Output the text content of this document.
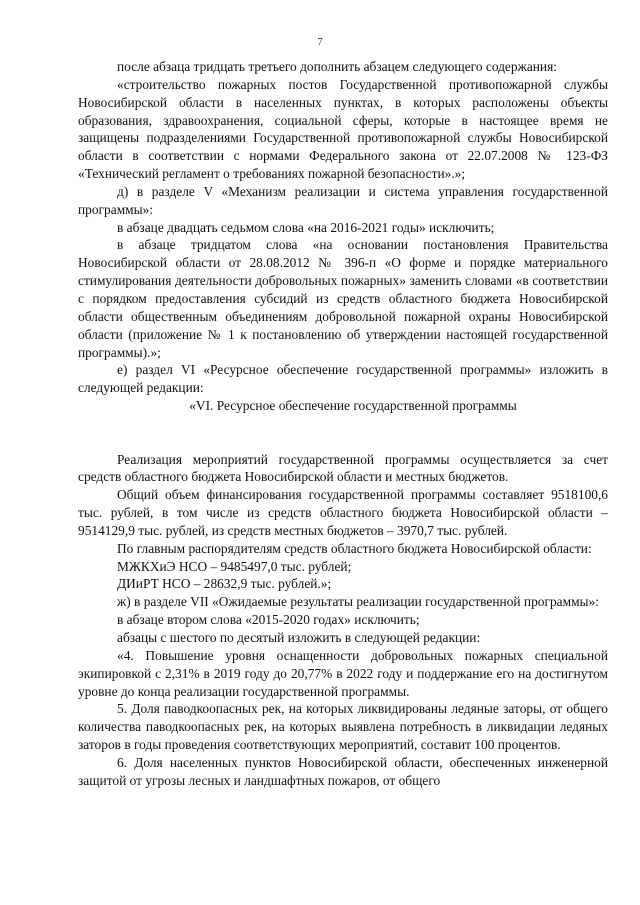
7

после абзаца тридцать третьего дополнить абзацем следующего содержания:

«строительство пожарных постов Государственной противопожарной службы Новосибирской области в населенных пунктах, в которых расположены объекты образования, здравоохранения, социальной сферы, которые в настоящее время не защищены подразделениями Государственной противопожарной службы Новосибирской области в соответствии с нормами Федерального закона от 22.07.2008 № 123-ФЗ «Технический регламент о требованиях пожарной безопасности».»;

д) в разделе V «Механизм реализации и система управления государственной программы»:

в абзаце двадцать седьмом слова «на 2016-2021 годы» исключить;

в абзаце тридцатом слова «на основании постановления Правительства Новосибирской области от 28.08.2012 № 396-п «О форме и порядке материального стимулирования деятельности добровольных пожарных» заменить словами «в соответствии с порядком предоставления субсидий из средств областного бюджета Новосибирской области общественным объединениям добровольной пожарной охраны Новосибирской области (приложение № 1 к постановлению об утверждении настоящей государственной программы).»;

е) раздел VI «Ресурсное обеспечение государственной программы» изложить в следующей редакции:

«VI. Ресурсное обеспечение государственной программы

Реализация мероприятий государственной программы осуществляется за счет средств областного бюджета Новосибирской области и местных бюджетов.

Общий объем финансирования государственной программы составляет 9518100,6 тыс. рублей, в том числе из средств областного бюджета Новосибирской области – 9514129,9 тыс. рублей, из средств местных бюджетов – 3970,7 тыс. рублей.

По главным распорядителям средств областного бюджета Новосибирской области:

МЖКХиЭ НСО – 9485497,0 тыс. рублей;

ДИиРТ НСО – 28632,9 тыс. рублей.»;

ж) в разделе VII «Ожидаемые результаты реализации государственной программы»:

в абзаце втором слова «2015-2020 годах» исключить;

абзацы с шестого по десятый изложить в следующей редакции:

«4. Повышение уровня оснащенности добровольных пожарных специальной экипировкой с 2,31% в 2019 году до 20,77% в 2022 году и поддержание его на достигнутом уровне до конца реализации государственной программы.

5. Доля паводкоопасных рек, на которых ликвидированы ледяные заторы, от общего количества паводкоопасных рек, на которых выявлена потребность в ликвидации ледяных заторов в годы проведения соответствующих мероприятий, составит 100 процентов.

6. Доля населенных пунктов Новосибирской области, обеспеченных инженерной защитой от угрозы лесных и ландшафтных пожаров, от общего
